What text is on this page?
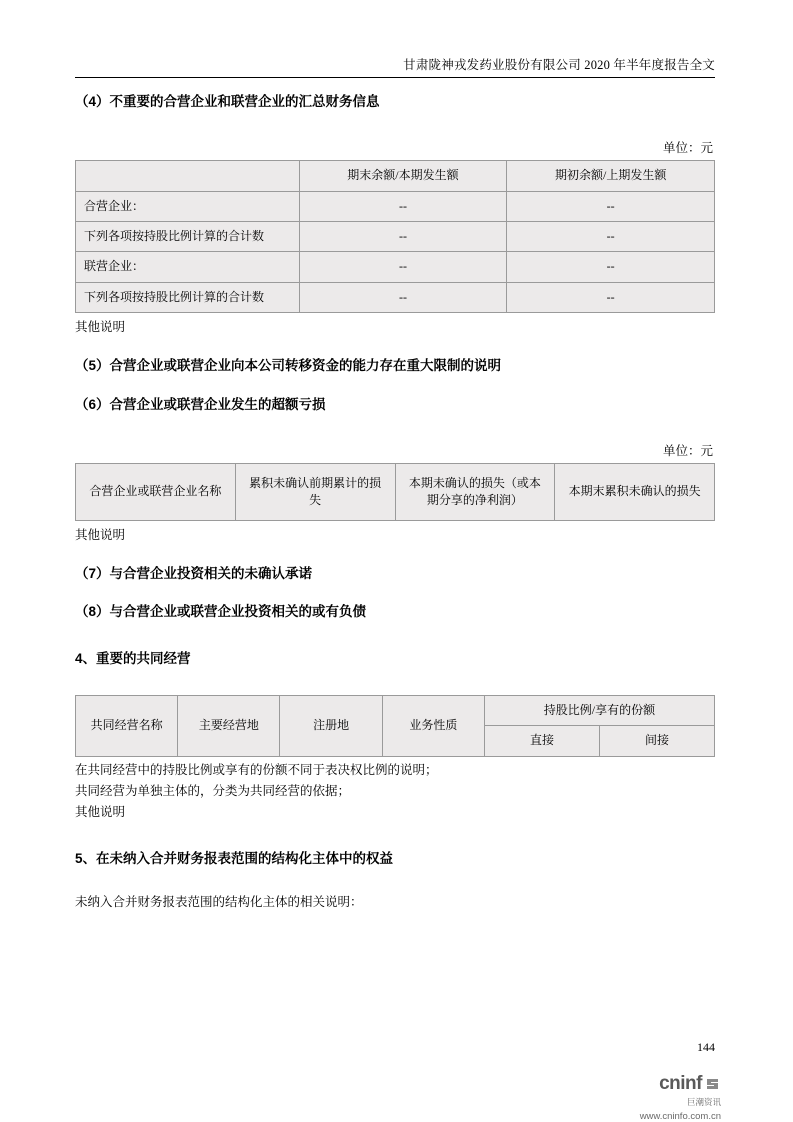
甘肃陇神戎发药业股份有限公司 2020 年半年度报告全文
（4）不重要的合营企业和联营企业的汇总财务信息

单位：元

	期末余额/本期发生额	期初余额/上期发生额
合营企业：	--	--
下列各项按持股比例计算的合计数	--	--
联营企业：	--	--
下列各项按持股比例计算的合计数	--	--

其他说明

（5）合营企业或联营企业向本公司转移资金的能力存在重大限制的说明
（6）合营企业或联营企业发生的超额亏损

单位：元

合营企业或联营企业名称	累积未确认前期累计的损失	本期未确认的损失（或本期分享的净利润）	本期末累积未确认的损失

其他说明

（7）与合营企业投资相关的未确认承诺
（8）与合营企业或联营企业投资相关的或有负债
4、重要的共同经营
共同经营名称	主要经营地	注册地	业务性质	持股比例/享有的份额	
				直接	间接

在共同经营中的持股比例或享有的份额不同于表决权比例的说明；

共同经营为单独主体的，分类为共同经营的依据；

其他说明

5、在未纳入合并财务报表范围的结构化主体中的权益

未纳入合并财务报表范围的结构化主体的相关说明：

144
cninf
巨潮资讯
www.cninfo.com.cn
